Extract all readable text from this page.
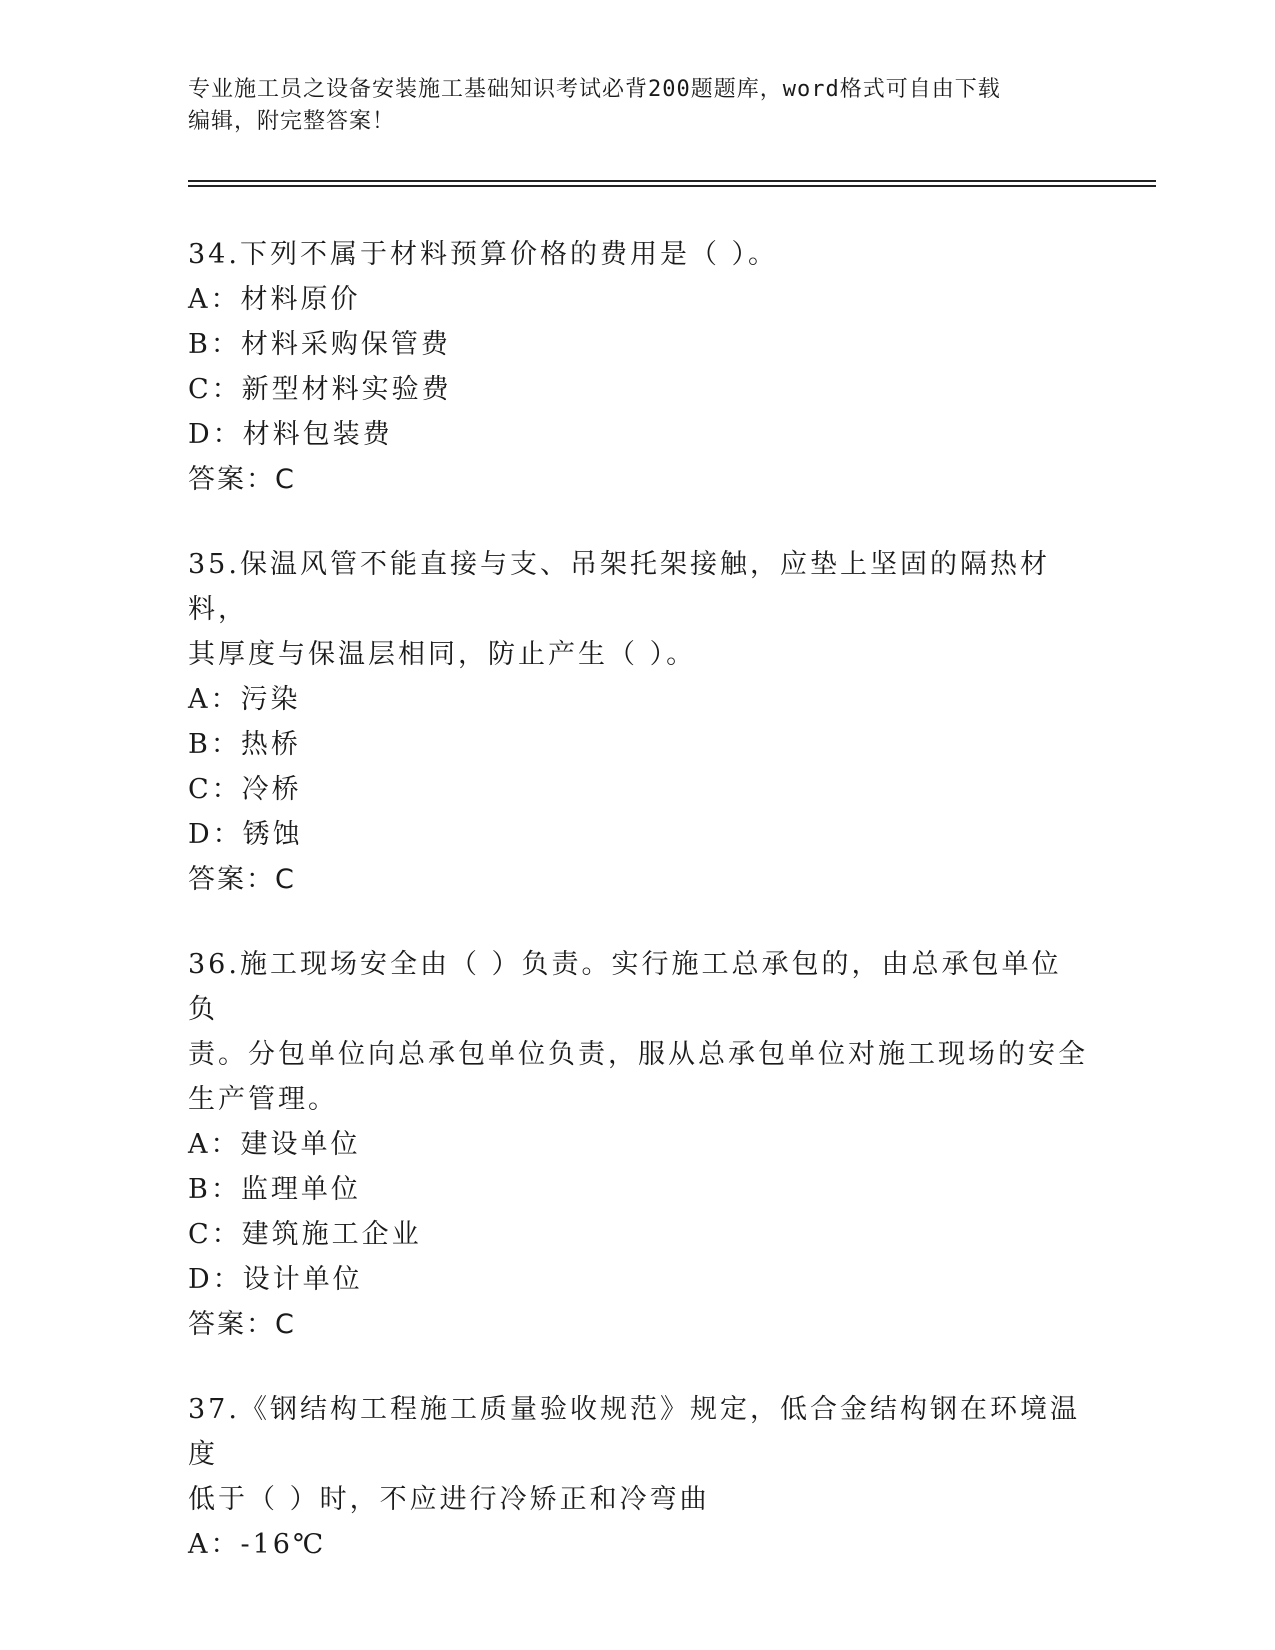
专业施工员之设备安装施工基础知识考试必背200题题库，word格式可自由下载
编辑，附完整答案！
34.下列不属于材料预算价格的费用是（ ）。
A：材料原价
B：材料采购保管费
C：新型材料实验费
D：材料包装费
答案：C
35.保温风管不能直接与支、吊架托架接触，应垫上坚固的隔热材料，
其厚度与保温层相同，防止产生（ ）。
A：污染
B：热桥
C：冷桥
D：锈蚀
答案：C
36.施工现场安全由（ ）负责。实行施工总承包的，由总承包单位负
责。分包单位向总承包单位负责，服从总承包单位对施工现场的安全
生产管理。
A：建设单位
B：监理单位
C：建筑施工企业
D：设计单位
答案：C
37.《钢结构工程施工质量验收规范》规定，低合金结构钢在环境温度
低于（ ）时，不应进行冷矫正和冷弯曲
A：-16℃
